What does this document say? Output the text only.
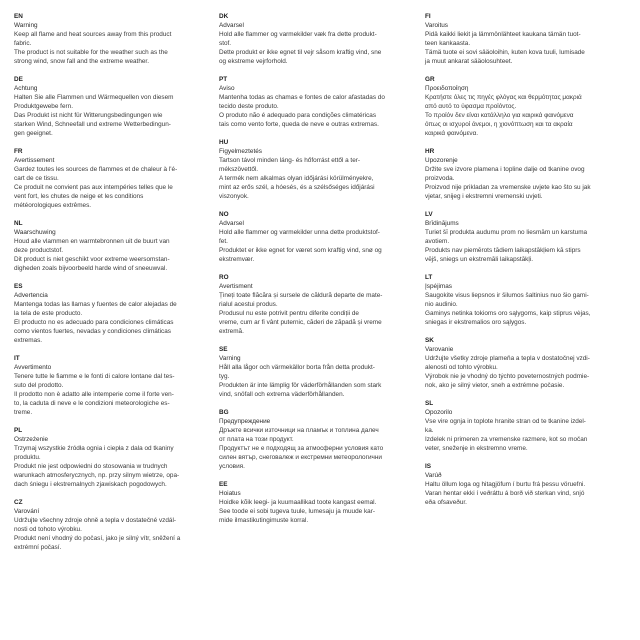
EN
Warning
Keep all flame and heat sources away from this product
fabric.
The product is not suitable for the weather such as the
strong wind, snow fall and the extreme weather.
DE
Achtung
Halten Sie alle Flammen und Wärmequellen von diesem
Produktgewebe fern.
Das Produkt ist nicht für Witterungsbedingungen wie
starken Wind, Schneefall und extreme Wetterbedingun-
gen geeignet.
FR
Avertissement
Gardez toutes les sources de flammes et de chaleur à l'é-
cart de ce tissu.
Ce produit ne convient pas aux intempéries telles que le
vent fort, les chutes de neige et les conditions
météorologiques extrêmes.
NL
Waarschuwing
Houd alle vlammen en warmtebronnen uit de buurt van
deze productstof.
Dit product is niet geschikt voor extreme weersomstan-
digheden zoals bijvoorbeeld harde wind of sneeuwval.
ES
Advertencia
Mantenga todas las llamas y fuentes de calor alejadas de
la tela de este producto.
El producto no es adecuado para condiciones climáticas
como vientos fuertes, nevadas y condiciones climáticas
extremas.
IT
Avvertimento
Tenere tutte le fiamme e le fonti di calore lontane dal tes-
suto del prodotto.
Il prodotto non è adatto alle intemperie come il forte ven-
to, la caduta di neve e le condizioni meteorologiche es-
treme.
PL
Ostrzeżenie
Trzymaj wszystkie źródła ognia i ciepła z dala od tkaniny
produktu.
Produkt nie jest odpowiedni do stosowania w trudnych
warunkach atmosferycznych, np. przy silnym wietrze, opa-
dach śniegu i ekstremalnych zjawiskach pogodowych.
CZ
Varování
Udržujte všechny zdroje ohně a tepla v dostatečné vzdál-
nosti od tohoto výrobku.
Produkt není vhodný do počasí, jako je silný vítr, sněžení a
extrémní počasí.
DK
Advarsel
Hold alle flammer og varmekilder væk fra dette produkt-
stof.
Dette produkt er ikke egnet til vejr såsom kraftig vind, sne
og ekstreme vejrforhold.
PT
Aviso
Mantenha todas as chamas e fontes de calor afastadas do
tecido deste produto.
O produto não é adequado para condições climatéricas
tais como vento forte, queda de neve e outras extremas.
HU
Figyelmeztetés
Tartson távol minden láng- és hőforrást ettől a ter-
mékszövettől.
A termék nem alkalmas olyan időjárási körülményekre,
mint az erős szél, a hóesés, és a szélsőséges időjárási
viszonyok.
NO
Advarsel
Hold alle flammer og varmekilder unna dette produktstof-
fet.
Produktet er ikke egnet for været som kraftig vind, snø og
ekstremvær.
RO
Avertisment
Țineți toate flăcăra și sursele de căldură departe de mate-
rialul acestui produs.
Produsul nu este potrivit pentru diferite condiții de
vreme, cum ar fi vânt puternic, căderi de zăpadă și vreme
extremă.
SE
Varning
Håll alla lågor och värmekällor borta från detta produkt-
tyg.
Produkten är inte lämplig för väderförhållanden som stark
vind, snöfall och extrema väderförhållanden.
BG
Предупреждение
Дръжте всички източници на пламък и топлина далеч
от плата на този продукт.
Продуктът не е подходящ за атмосферни условия като
силен вятър, снеговалеж и екстремни метеорологични
условия.
EE
Hoiatus
Hoidke kõik leegi- ja kuumaallikad toote kangast eemal.
See toode ei sobi tugeva tuule, lumesaju ja muude kar-
mide ilmastikutingimuste korral.
FI
Varoitus
Pidä kaikki liekit ja lämmönlähteet kaukana tämän tuot-
teen kankaasta.
Tämä tuote ei sovi sääoloihin, kuten kova tuuli, lumisade
ja muut ankarat sääolosuhteet.
GR
Προειδοποίηση
Κρατήστε όλες τις πηγές φλόγας και θερμότητας μακριά
από αυτό το ύφασμα προϊόντος.
Το προϊόν δεν είναι κατάλληλο για καιρικά φαινόμενα
όπως οι ισχυροί άνεμοι, η χιονόπτωση και τα ακραία
καιρικά φαινόμενα.
HR
Upozorenje
Držite sve izvore plamena i topline dalje od tkanine ovog
proizvoda.
Proizvod nije prikladan za vremenske uvjete kao što su jak
vjetar, snijeg i ekstremni vremenski uvjeti.
LV
Brīdinājums
Turiet šī produkta audumu prom no liesmām un karstuma
avotiem.
Produkts nav piemērots tādiem laikapstākļiem kā stiprs
vējš, sniegs un ekstremāli laikapstākļi.
LT
Įspėjimas
Saugokite visus liepsnos ir šilumos šaltinius nuo šio gami-
nio audinio.
Gaminys netinka tokioms oro sąlygoms, kaip stiprus vėjas,
sniegas ir ekstremalios oro sąlygos.
SK
Varovanie
Udržujte všetky zdroje plameňa a tepla v dostatočnej vzdi-
alenosti od tohto výrobku.
Výrobok nie je vhodný do týchto poveternostných podmie-
nok, ako je silný vietor, sneh a extrémne počasie.
SL
Opozorilo
Vse vire ognja in toplote hranite stran od te tkanine izdel-
ka.
Izdelek ni primeren za vremenske razmere, kot so močan
veter, sneženje in ekstremno vreme.
IS
Varúð
Haltu öllum loga og hitagjöfum í burtu frá þessu vöruefni.
Varan hentar ekki í veðráttu á borð við sterkan vind, snjó
eða ofsaveður.
